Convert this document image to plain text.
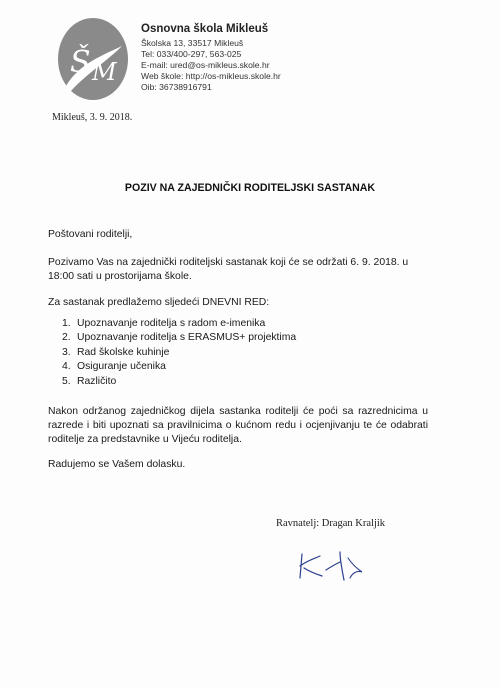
Š M
Osnovna škola Mikleuš
Školska 13, 33517 Mikleuš
Tel: 033/400-297, 563-025
E-mail: ured@os-mikleus.skole.hr
Web škole: http://os-mikleus.skole.hr
Oib: 36738916791
Mikleuš, 3. 9. 2018.
POZIV NA ZAJEDNIČKI RODITELJSKI SASTANAK
Poštovani roditelji,
Pozivamo Vas na zajednički roditeljski sastanak koji će se održati 6. 9. 2018. u 18:00 sati u prostorijama škole.
Za sastanak predlažemo sljedeći DNEVNI RED:
1. Upoznavanje roditelja s radom e-imenika
2. Upoznavanje roditelja s ERASMUS+ projektima
3. Rad školske kuhinje
4. Osiguranje učenika
5. Različito
Nakon održanog zajedničkog dijela sastanka roditelji će poći sa razrednicima u razrede i biti upoznati sa pravilnicima o kućnom redu i ocjenjivanju te će odabrati roditelje za predstavnike u Vijeću roditelja.
Radujemo se Vašem dolasku.
Ravnatelj: Dragan Kraljik
